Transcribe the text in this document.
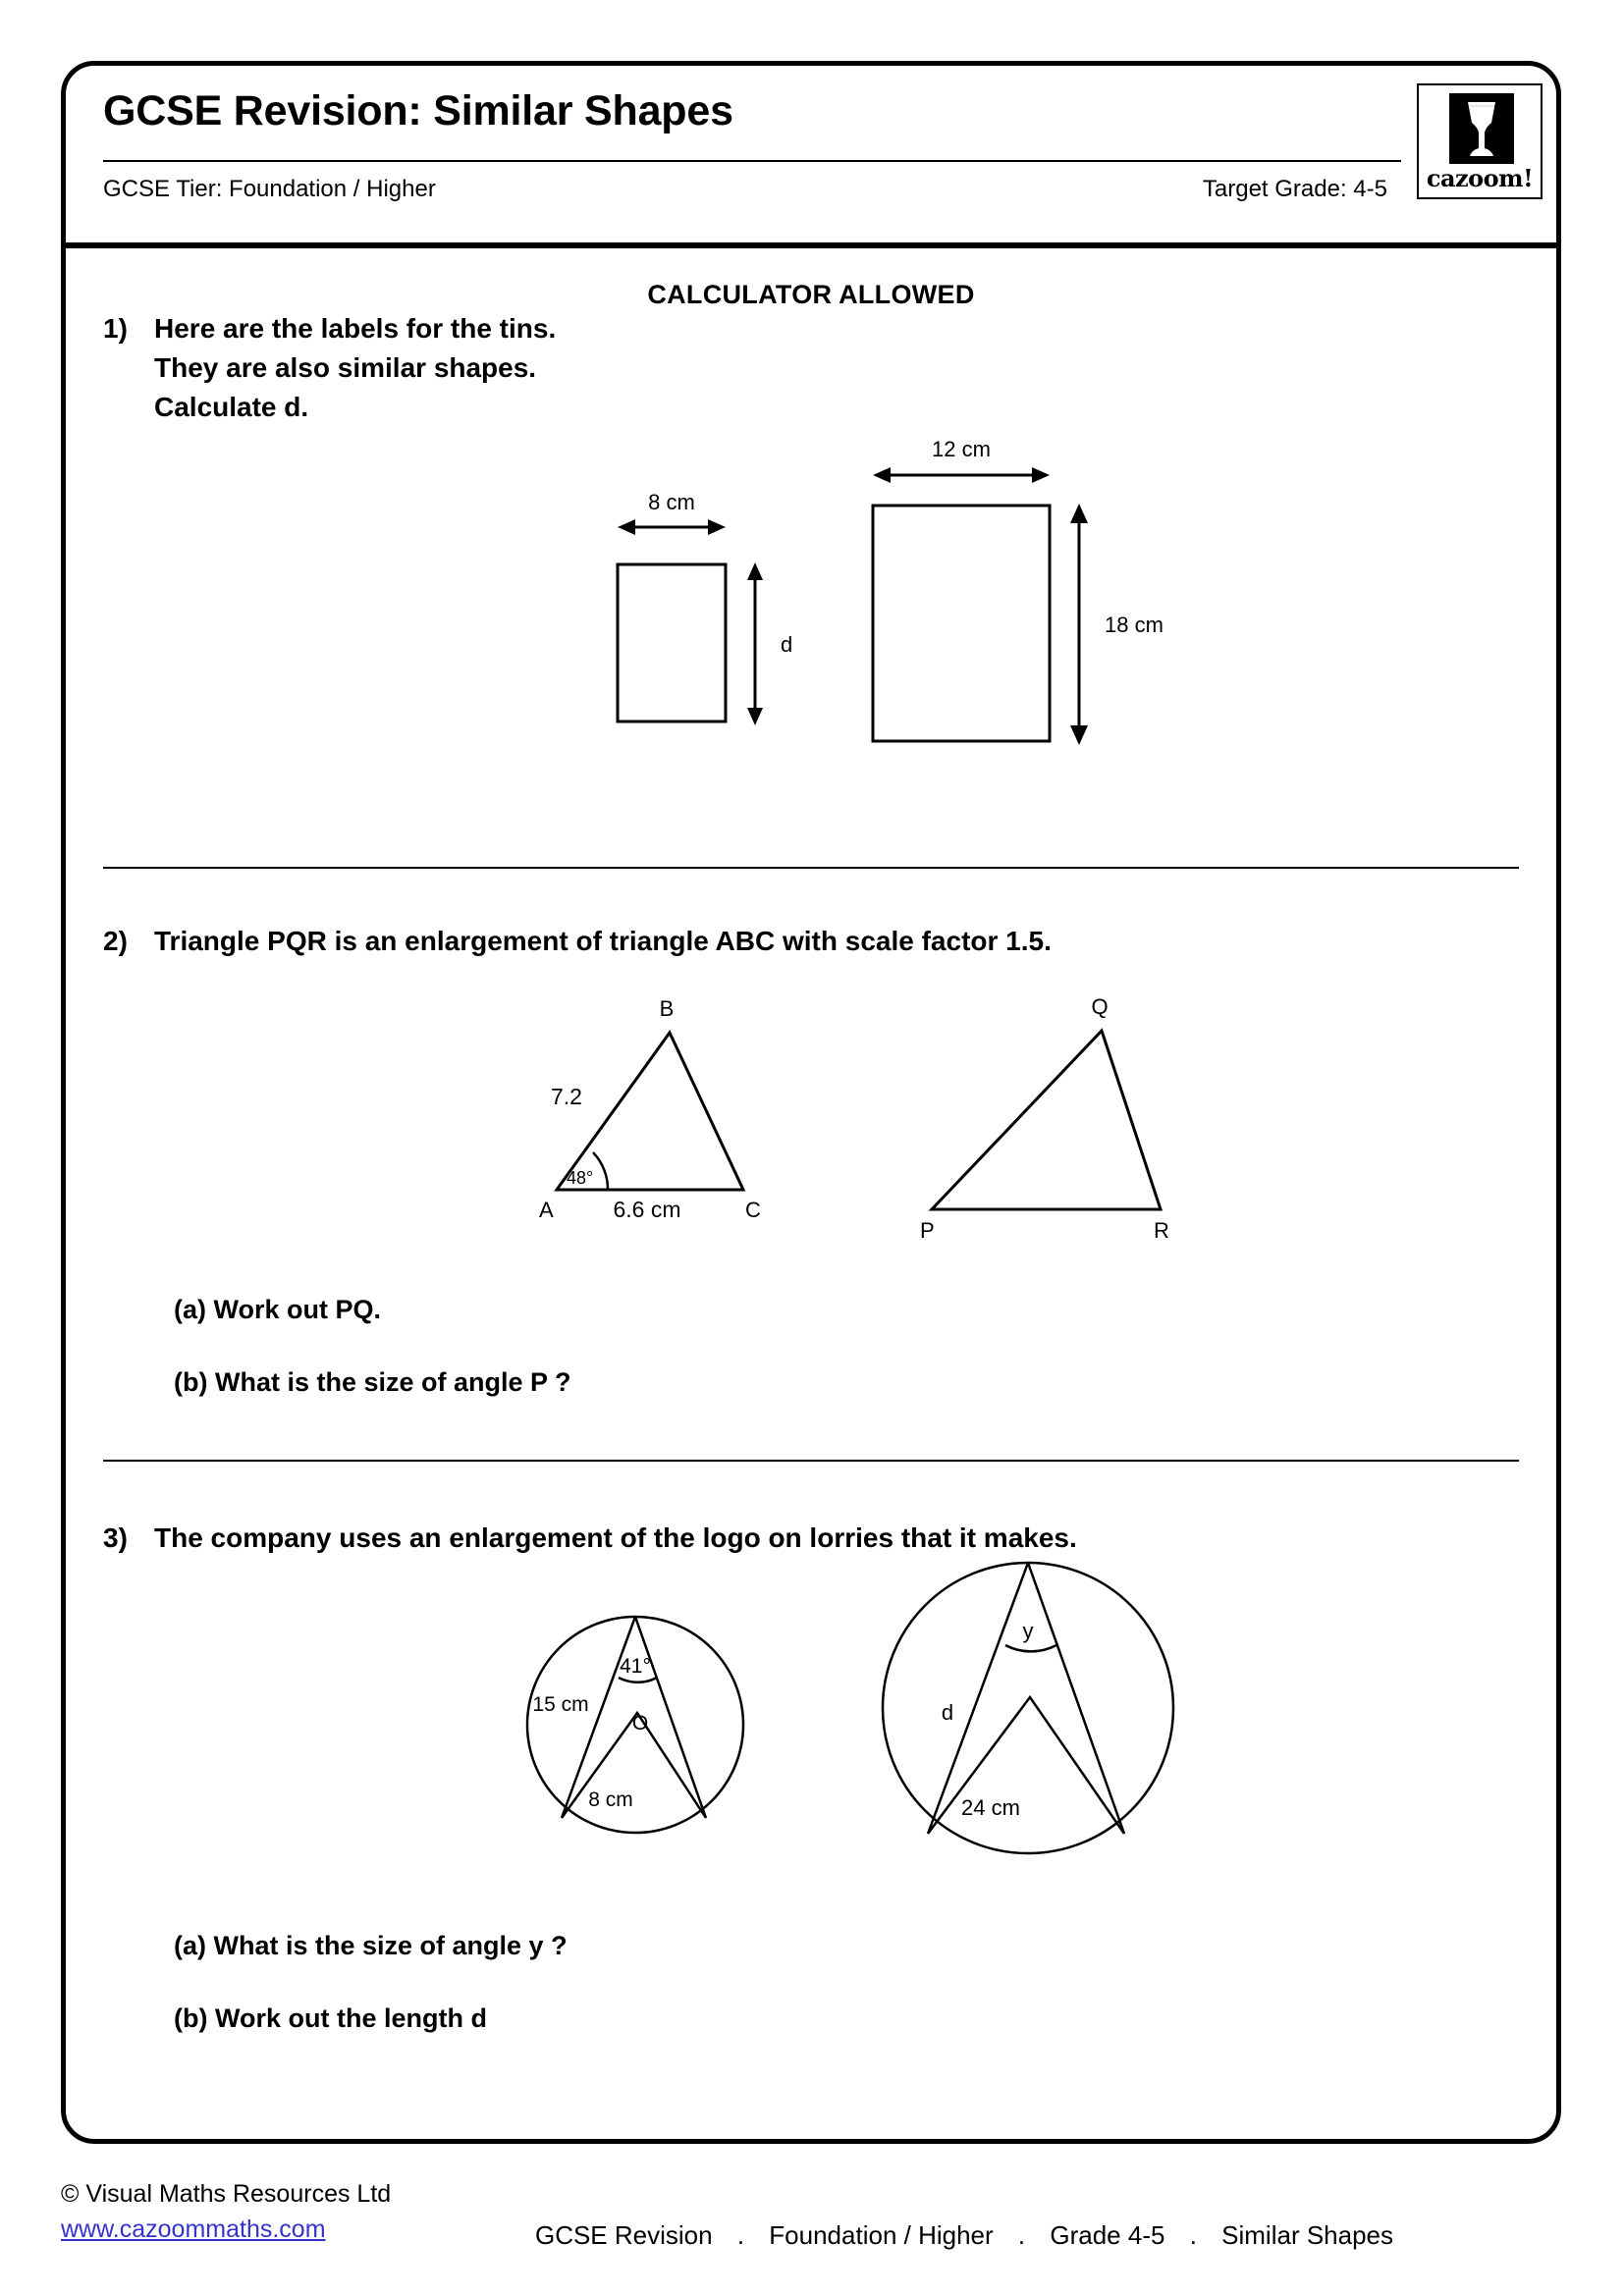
GCSE Revision: Similar Shapes
GCSE Tier: Foundation / Higher	Target Grade: 4-5	cazoom!
CALCULATOR ALLOWED
1) Here are the labels for the tins.
They are also similar shapes.
Calculate d.
8 cm
d
12 cm
18 cm
2) Triangle PQR is an enlargement of triangle ABC with scale factor 1.5.
B
A	C
7.2
6.6 cm
48°
Q
P	R
(a) Work out PQ.
(b) What is the size of angle P ?
3) The company uses an enlargement of the logo on lorries that it makes.
41°
15 cm
O
8 cm
y
d
24 cm
(a) What is the size of angle y ?
(b) Work out the length d
© Visual Maths Resources Ltd
www.cazoommaths.com	GCSE Revision . Foundation / Higher . Grade 4-5 . Similar Shapes
